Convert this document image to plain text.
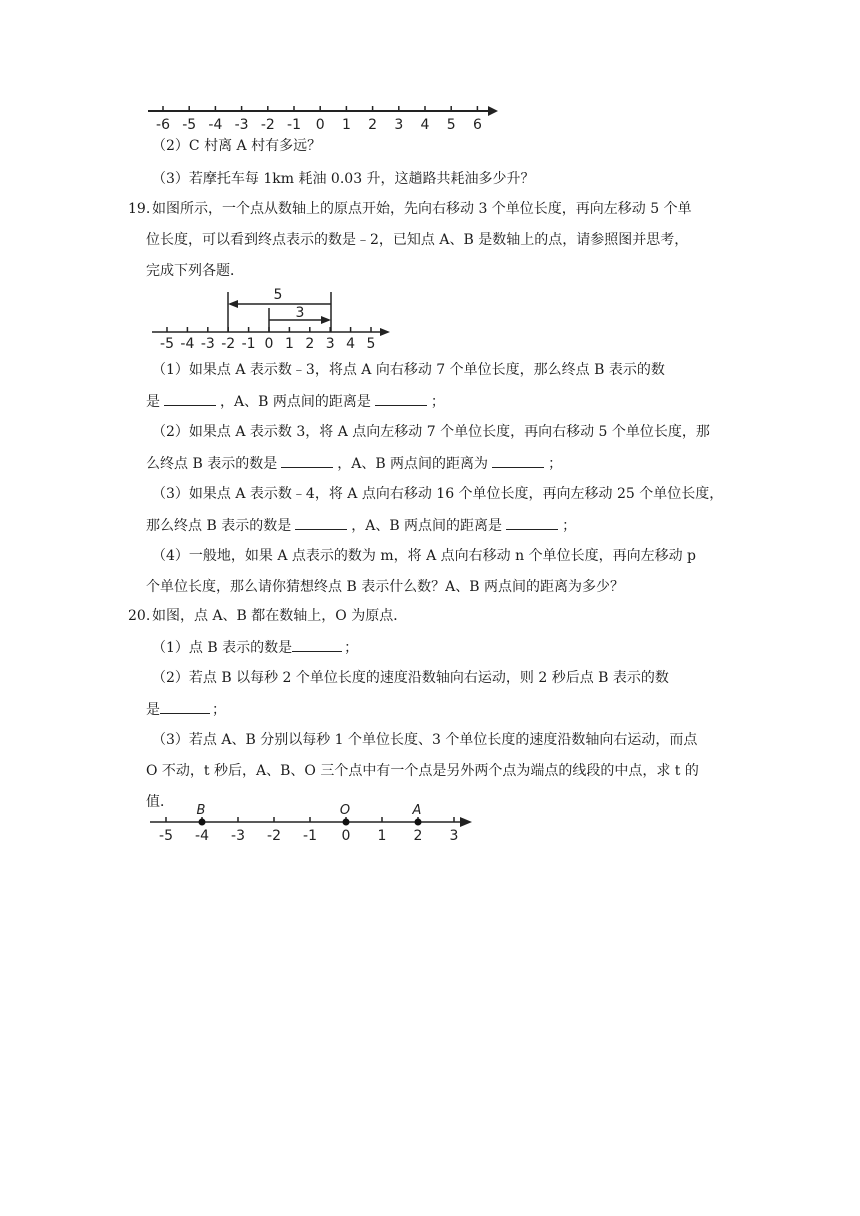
-6 -5 -4 -3 -2 -1 0 1 2 3 4 5 6
（2）C 村离 A 村有多远？
（3）若摩托车每 1km 耗油 0.03 升，这趟路共耗油多少升？
19. 如图所示，一个点从数轴上的原点开始，先向右移动 3 个单位长度，再向左移动 5 个单
位长度，可以看到终点表示的数是﹣2，已知点 A、B 是数轴上的点，请参照图并思考，
完成下列各题．
5
3
-5 -4 -3 -2 -1 0 1 2 3 4 5
（1）如果点 A 表示数﹣3，将点 A 向右移动 7 个单位长度，那么终点 B 表示的数
是	，A、B 两点间的距离是	；
（2）如果点 A 表示数 3，将 A 点向左移动 7 个单位长度，再向右移动 5 个单位长度，那
么终点 B 表示的数是	，A、B 两点间的距离为	；
（3）如果点 A 表示数﹣4，将 A 点向右移动 16 个单位长度，再向左移动 25 个单位长度，
那么终点 B 表示的数是	，A、B 两点间的距离是	；
（4）一般地，如果 A 点表示的数为 m，将 A 点向右移动 n 个单位长度，再向左移动 p
个单位长度，那么请你猜想终点 B 表示什么数？A、B 两点间的距离为多少？
20. 如图，点 A、B 都在数轴上，O 为原点．
（1）点 B 表示的数是	；
（2）若点 B 以每秒 2 个单位长度的速度沿数轴向右运动，则 2 秒后点 B 表示的数
是	；
（3）若点 A、B 分别以每秒 1 个单位长度、3 个单位长度的速度沿数轴向右运动，而点
O 不动，t 秒后，A、B、O 三个点中有一个点是另外两个点为端点的线段的中点，求 t 的
值．
-5 -4 -3 -2 -1 0 1 2 3
B	O	A
